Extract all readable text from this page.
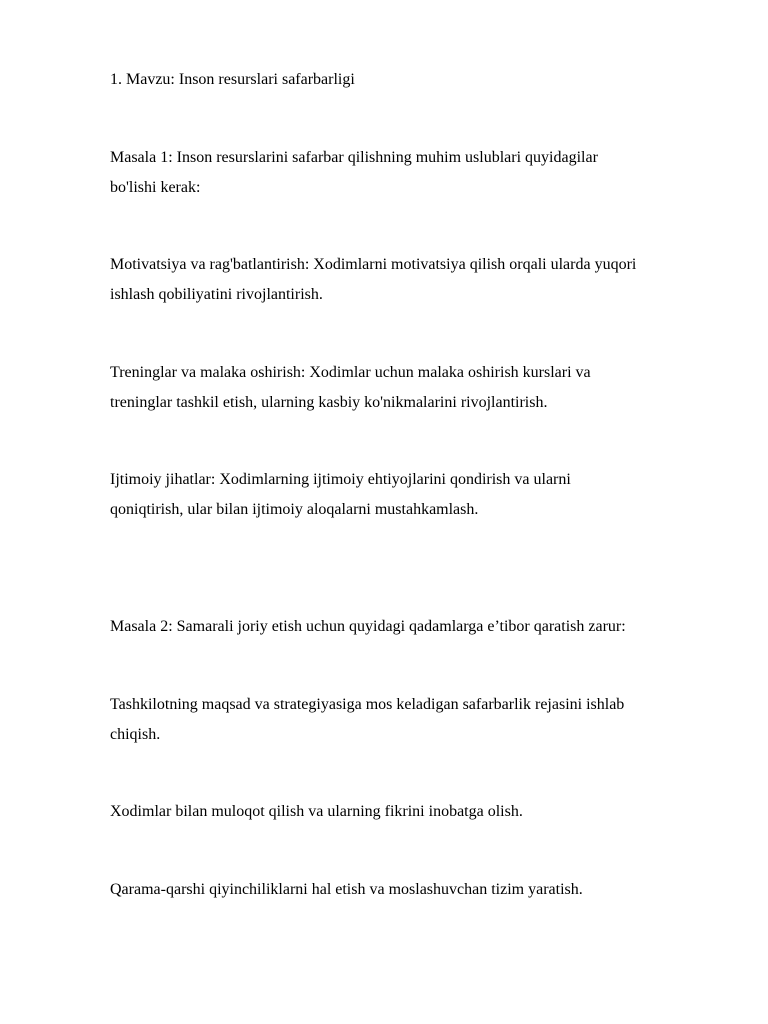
1. Mavzu: Inson resurslari safarbarligi

Masala 1: Inson resurslarini safarbar qilishning muhim uslublari quyidagilar

bo'lishi kerak:

Motivatsiya va rag'batlantirish: Xodimlarni motivatsiya qilish orqali ularda yuqori

ishlash qobiliyatini rivojlantirish.

Treninglar va malaka oshirish: Xodimlar uchun malaka oshirish kurslari va

treninglar tashkil etish, ularning kasbiy ko'nikmalarini rivojlantirish.

Ijtimoiy jihatlar: Xodimlarning ijtimoiy ehtiyojlarini qondirish va ularni

qoniqtirish, ular bilan ijtimoiy aloqalarni mustahkamlash.

Masala 2: Samarali joriy etish uchun quyidagi qadamlarga e’tibor qaratish zarur:

Tashkilotning maqsad va strategiyasiga mos keladigan safarbarlik rejasini ishlab

chiqish.

Xodimlar bilan muloqot qilish va ularning fikrini inobatga olish.

Qarama-qarshi qiyinchiliklarni hal etish va moslashuvchan tizim yaratish.
